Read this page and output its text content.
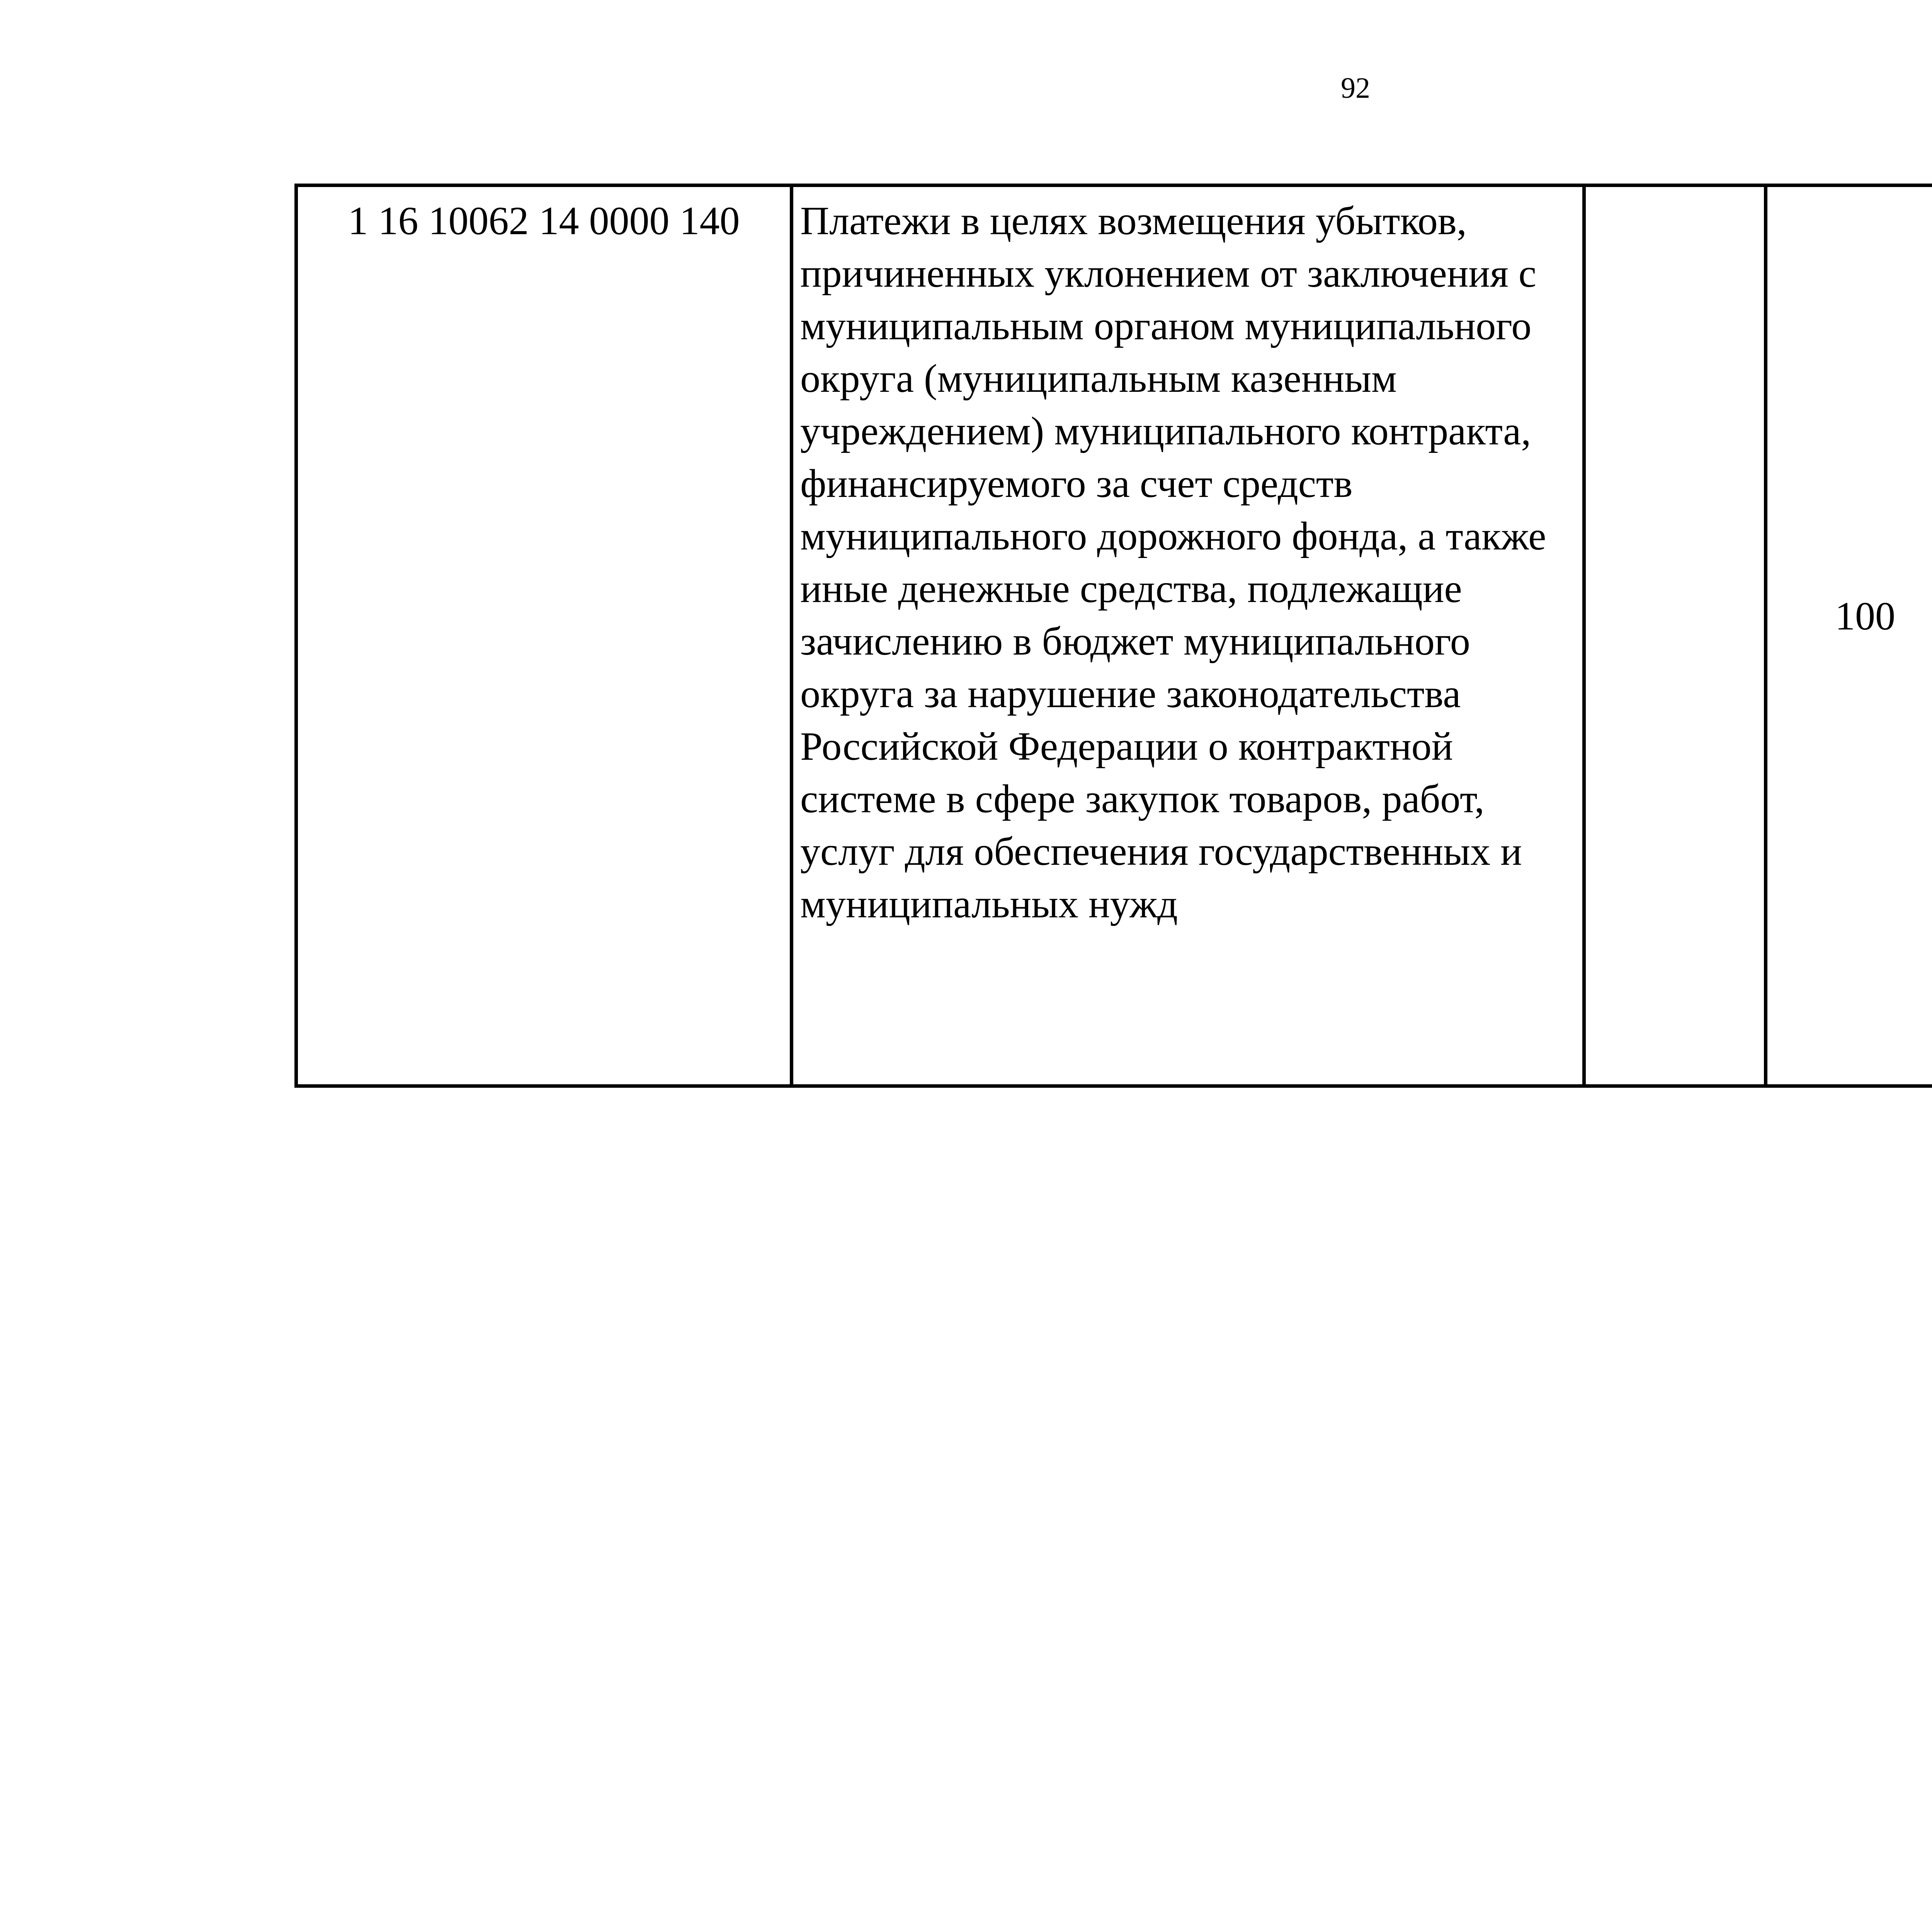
92
1 16 10062 14 0000 140	Платежи в целях возмещения убытков, причиненных уклонением от заключения с муниципальным органом муниципального округа (муниципальным казенным учреждением) муниципального контракта, финансируемого за счет средств муниципального дорожного фонда, а также иные денежные средства, подлежащие зачислению в бюджет муниципального округа за нарушение законодательства Российской Федерации о контрактной системе в сфере закупок товаров, работ, услуг для обеспечения государственных и муниципальных нужд		100			
